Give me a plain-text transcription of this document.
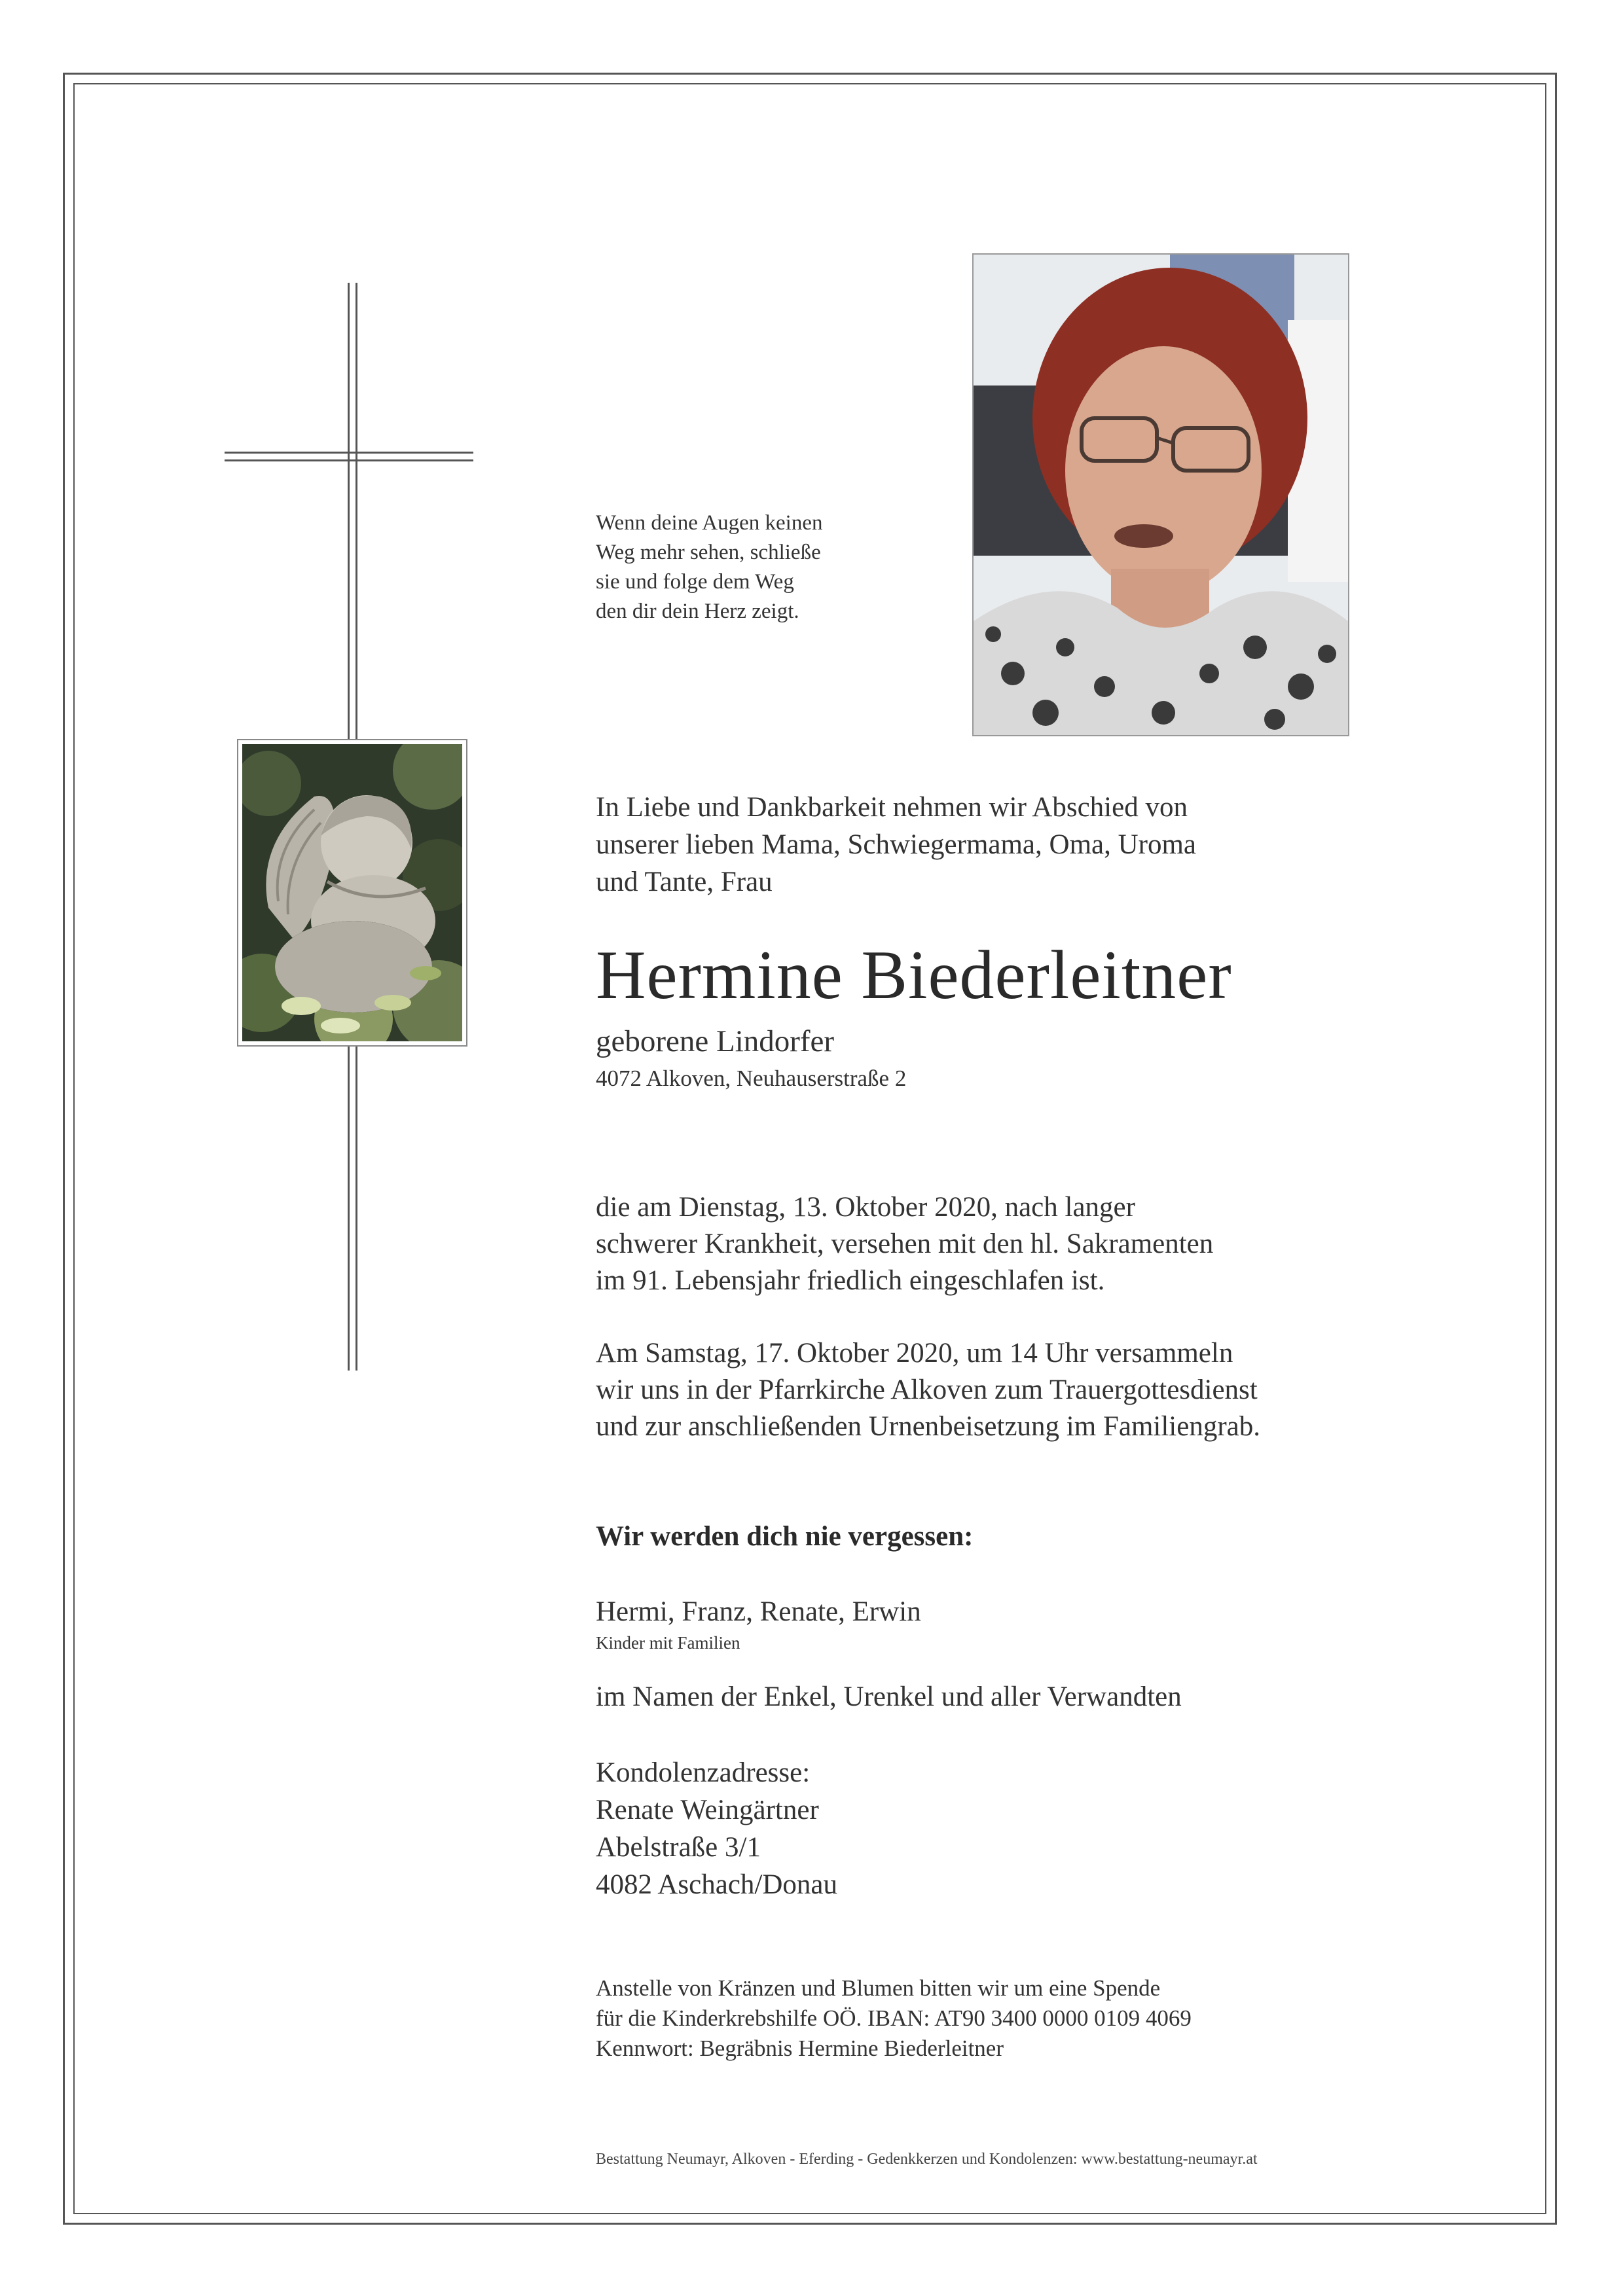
Wenn deine Augen keinen
Weg mehr sehen, schließe
sie und folge dem Weg
den dir dein Herz zeigt.
In Liebe und Dankbarkeit nehmen wir Abschied von
unserer lieben Mama, Schwiegermama, Oma, Uroma
und Tante, Frau
Hermine Biederleitner
geborene Lindorfer
4072 Alkoven, Neuhauserstraße 2
die am Dienstag, 13. Oktober 2020, nach langer
schwerer Krankheit, versehen mit den hl. Sakramenten
im 91. Lebensjahr friedlich eingeschlafen ist.
Am Samstag, 17. Oktober 2020, um 14 Uhr versammeln
wir uns in der Pfarrkirche Alkoven zum Trauergottesdienst
und zur anschließenden Urnenbeisetzung im Familiengrab.
Wir werden dich nie vergessen:
Hermi, Franz, Renate, Erwin
Kinder mit Familien
im Namen der Enkel, Urenkel und aller Verwandten
Kondolenzadresse:
Renate Weingärtner
Abelstraße 3/1
4082 Aschach/Donau
Anstelle von Kränzen und Blumen bitten wir um eine Spende
für die Kinderkrebshilfe OÖ. IBAN: AT90 3400 0000 0109 4069
Kennwort: Begräbnis Hermine Biederleitner
Bestattung Neumayr, Alkoven - Eferding - Gedenkkerzen und Kondolenzen: www.bestattung-neumayr.at
